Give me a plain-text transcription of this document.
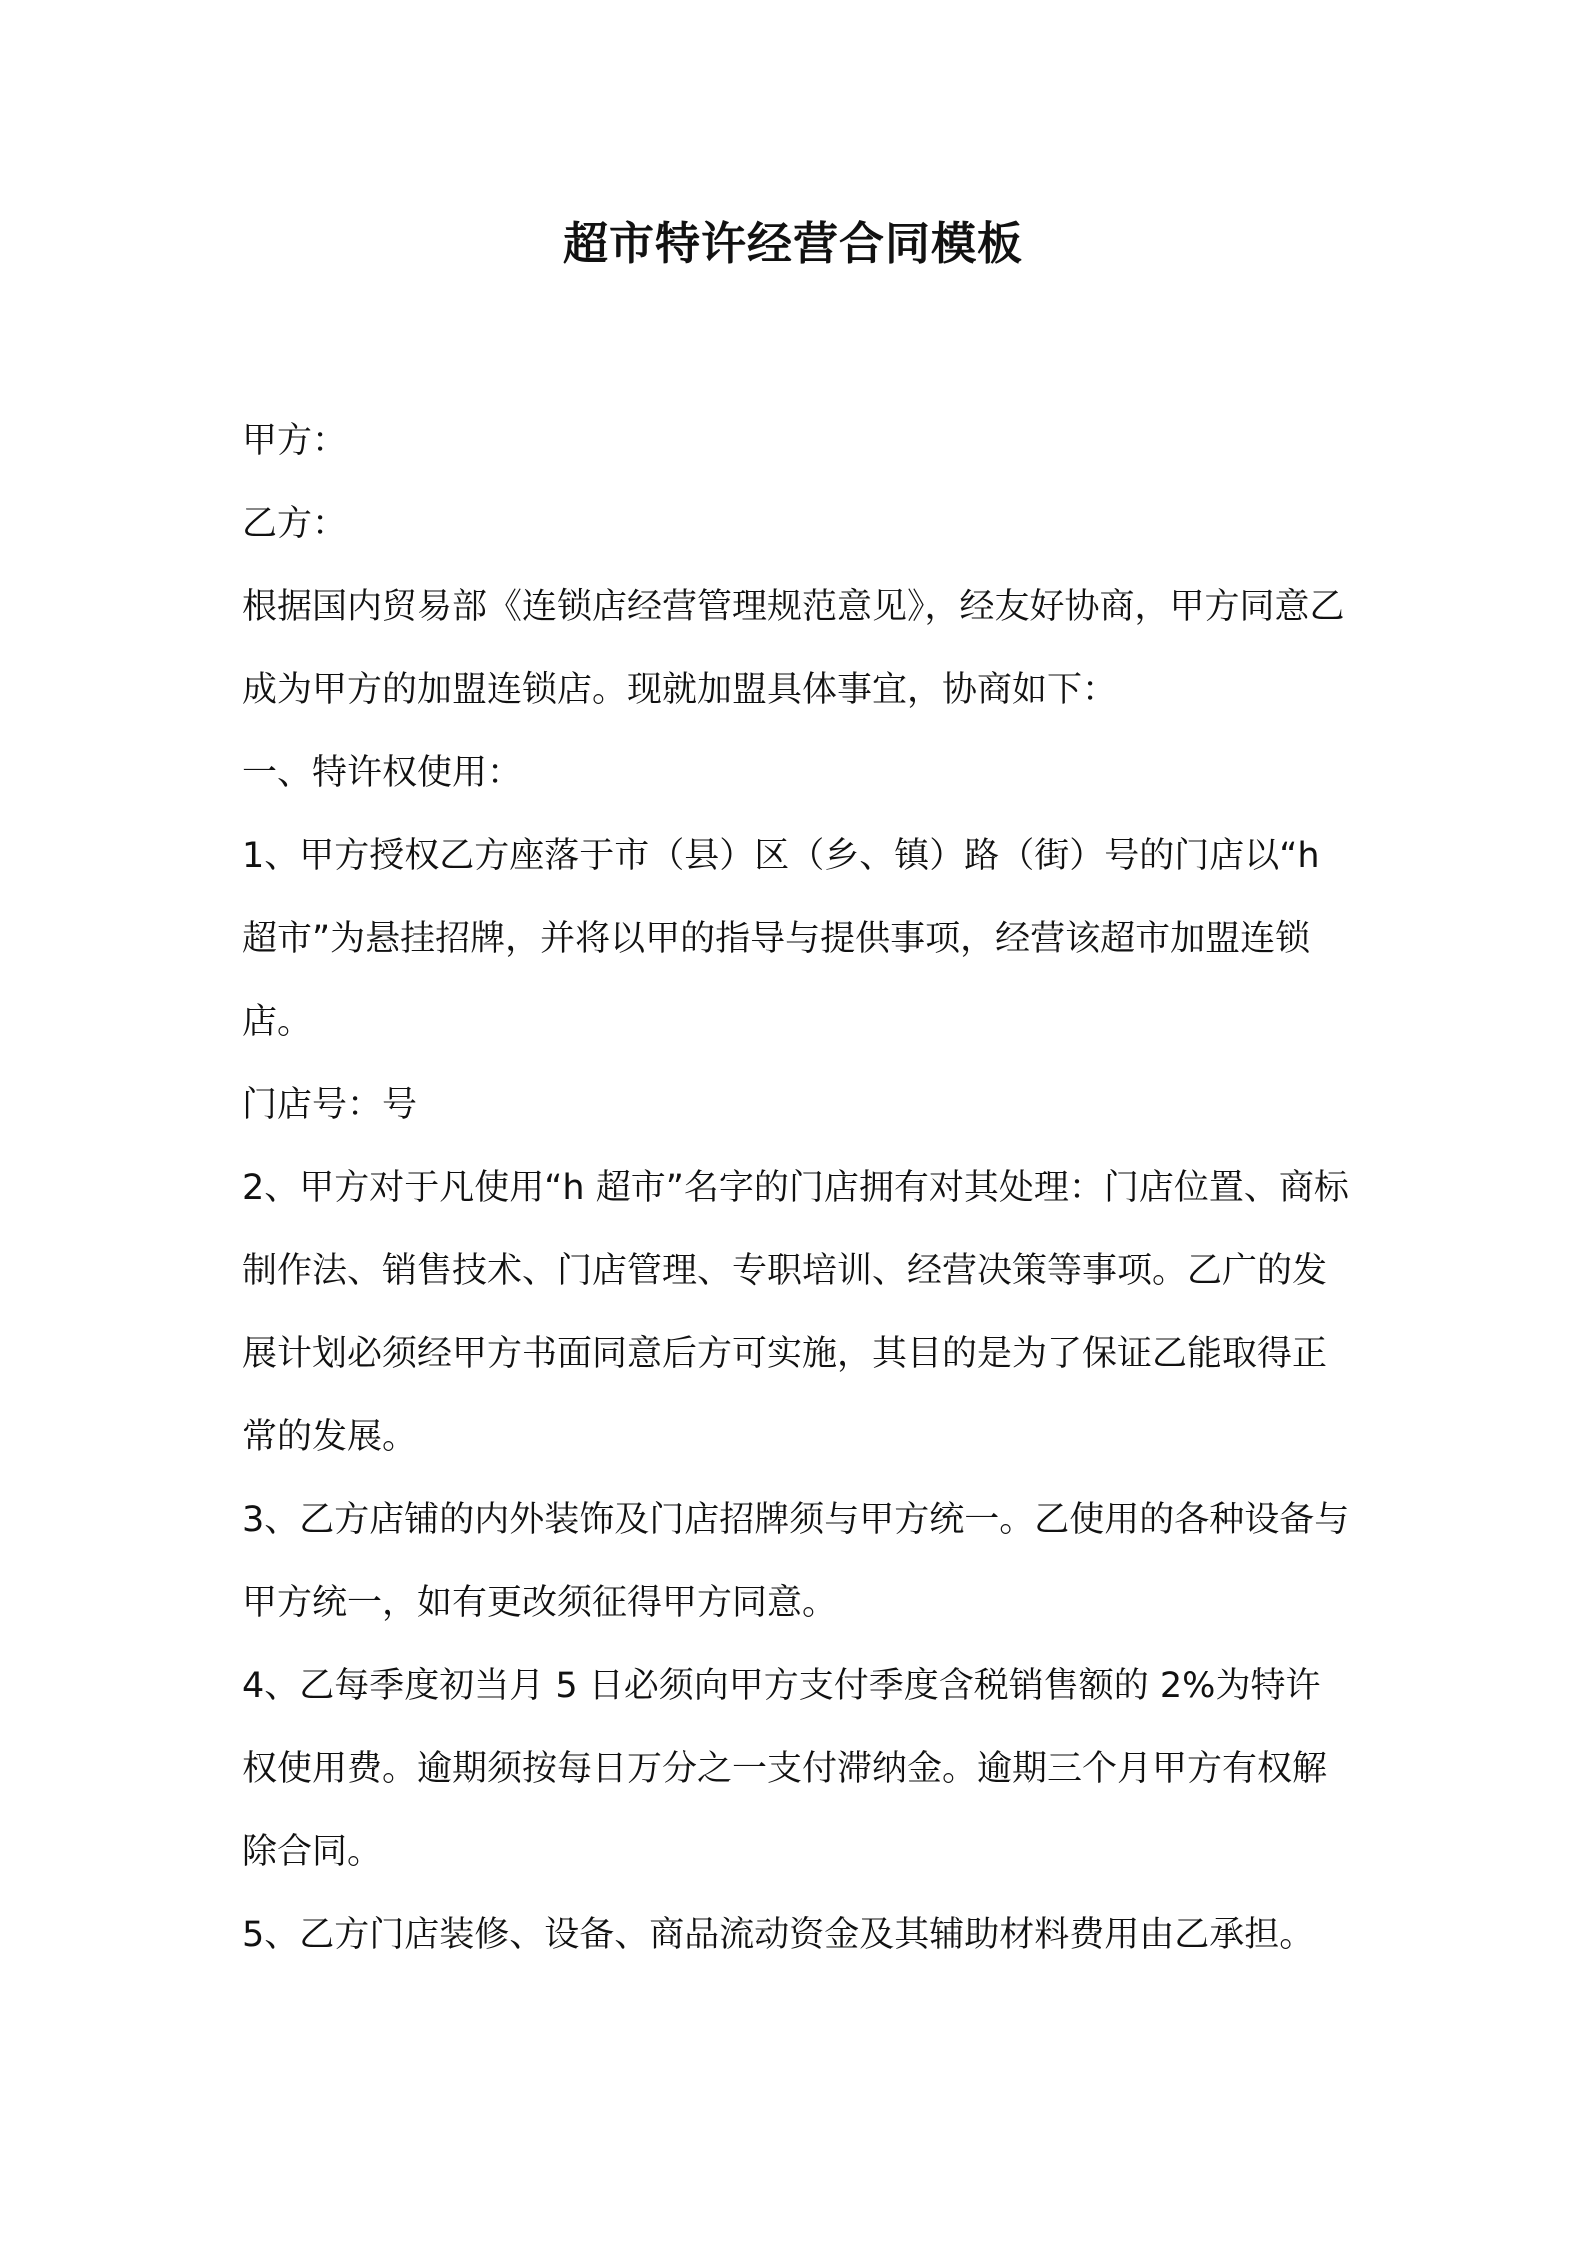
超市特许经营合同模板

甲方：

乙方：

根据国内贸易部《连锁店经营管理规范意见》，经友好协商，甲方同意乙成为甲方的加盟连锁店。现就加盟具体事宜，协商如下：

一、特许权使用：

1、甲方授权乙方座落于市（县）区（乡、镇）路（街）号的门店以“h 超市”为悬挂招牌，并将以甲的指导与提供事项，经营该超市加盟连锁店。

门店号：号

2、甲方对于凡使用“h 超市”名字的门店拥有对其处理：门店位置、商标制作法、销售技术、门店管理、专职培训、经营决策等事项。乙广的发展计划必须经甲方书面同意后方可实施，其目的是为了保证乙能取得正常的发展。

3、乙方店铺的内外装饰及门店招牌须与甲方统一。乙使用的各种设备与甲方统一，如有更改须征得甲方同意。

4、乙每季度初当月 5 日必须向甲方支付季度含税销售额的 2%为特许权使用费。逾期须按每日万分之一支付滞纳金。逾期三个月甲方有权解除合同。

5、乙方门店装修、设备、商品流动资金及其辅助材料费用由乙承担。
